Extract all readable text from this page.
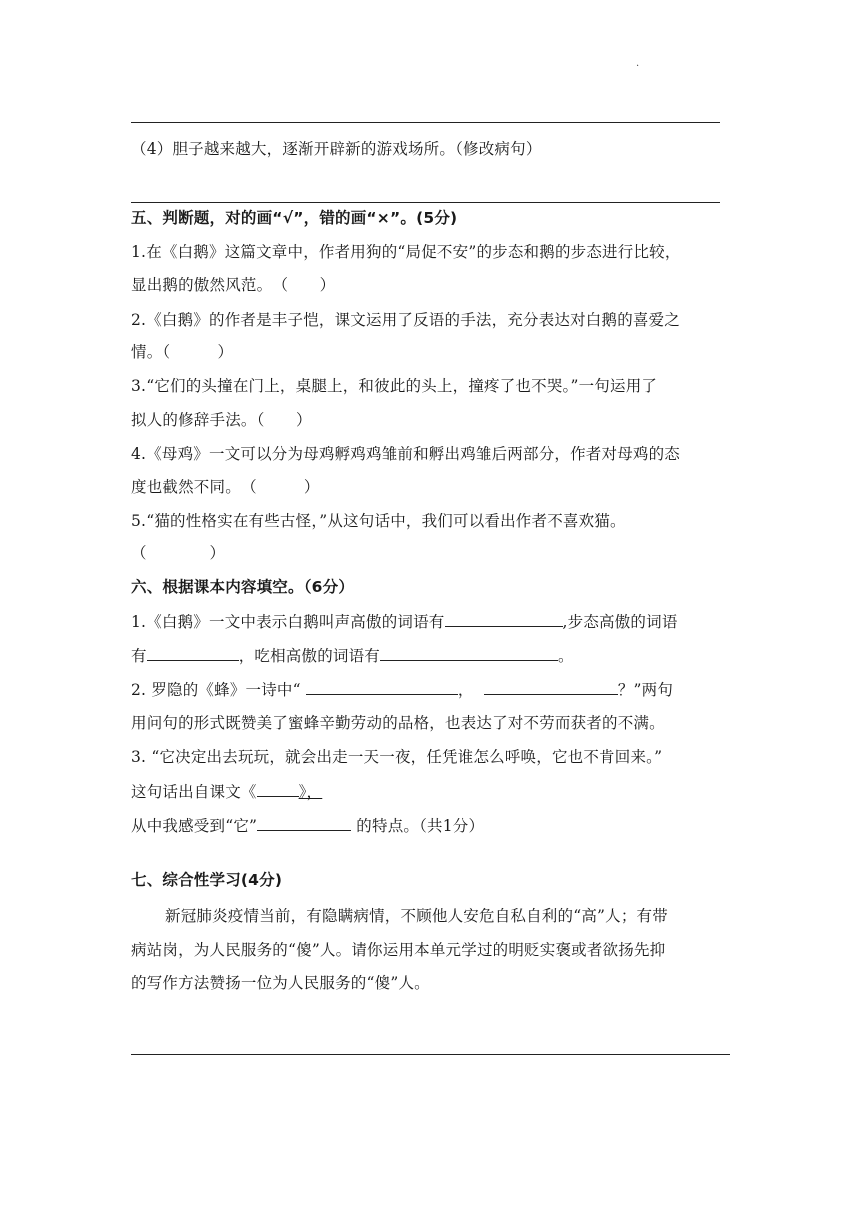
.
（4）胆子越来越大，逐渐开辟新的游戏场所。（修改病句）
五、判断题，对的画“√”，错的画“×”。(5分)
1.在《白鹅》这篇文章中，作者用狗的“局促不安”的步态和鹅的步态进行比较，
显出鹅的傲然风范。　（　　）
2.《白鹅》的作者是丰子恺，课文运用了反语的手法，充分表达对白鹅的喜爱之
情。（　　　）
3.“它们的头撞在门上，桌腿上，和彼此的头上，撞疼了也不哭。”一句运用了
拟人的修辞手法。（　　）
4.《母鸡》一文可以分为母鸡孵鸡鸡雏前和孵出鸡雏后两部分，作者对母鸡的态
度也截然不同。　（　　　）
5.“猫的性格实在有些古怪，”从这句话中，我们可以看出作者不喜欢猫。
（　　　　）
六、根据课本内容填空。（6分）
1.《白鹅》一文中表示白鹅叫声高傲的词语有	,步态高傲的词语
有	，吃相高傲的词语有	。
2. 罗隐的《蜂》一诗中“	，	？”两句
用问句的形式既赞美了蜜蜂辛勤劳动的品格，也表达了对不劳而获者的不满。
3. “它决定出去玩玩，就会出走一天一夜，任凭谁怎么呼唤，它也不肯回来。”
这句话出自课文《	》，
从中我感受到“它”	的特点。（共1分）
七、综合性学习(4分)
新冠肺炎疫情当前，有隐瞒病情，不顾他人安危自私自利的“高”人；有带
病站岗，为人民服务的“傻”人。请你运用本单元学过的明贬实褒或者欲扬先抑
的写作方法赞扬一位为人民服务的“傻”人。
